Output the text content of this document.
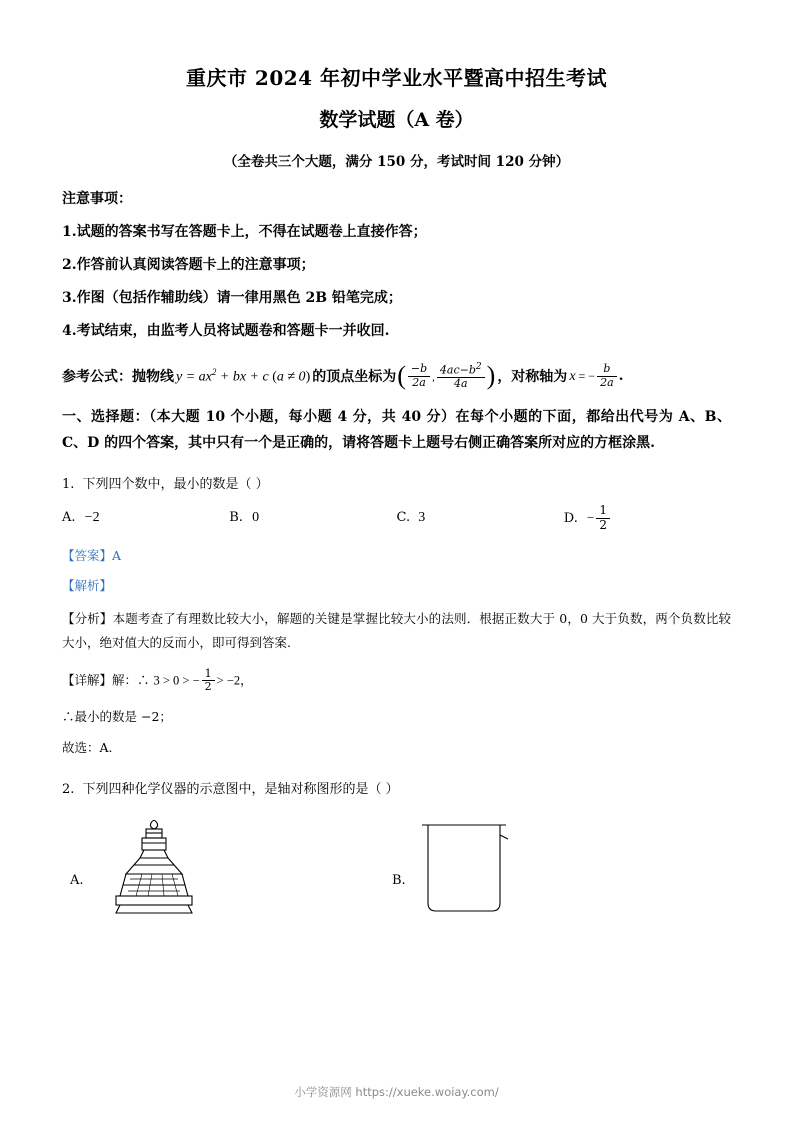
重庆市 2024 年初中学业水平暨高中招生考试
数学试题（A 卷）
（全卷共三个大题，满分 150 分，考试时间 120 分钟）
注意事项：
1.试题的答案书写在答题卡上，不得在试题卷上直接作答；
2.作答前认真阅读答题卡上的注意事项；
3.作图（包括作辅助线）请一律用黑色 2B 铅笔完成；
4.考试结束，由监考人员将试题卷和答题卡一并收回.
参考公式：抛物线 $y = ax^2$ + bx + c (a ≠ 0) 的顶点坐标为 ( $\frac{-b}{2a}$ , $\frac{4ac-b^2}{4a}$ ) ，对称轴为 x = − $\frac{b}{2a}$ .
一、选择题：（本大题 10 个小题，每小题 4 分，共 40 分）在每个小题的下面，都给出代号为 A、B、C、D 的四个答案，其中只有一个是正确的，请将答题卡上题号右侧正确答案所对应的方框涂黑.
1. 下列四个数中，最小的数是（ ）
A. −2	B. 0	C. 3	D. − $\frac{1}{2}$
【答案】A
【解析】
【分析】本题考查了有理数比较大小，解题的关键是掌握比较大小的法则．根据正数大于 0，0 大于负数，两个负数比较大小，绝对值大的反而小，即可得到答案.
【详解】解：∴ 3 > 0 > − $\frac{1}{2} > -2$，
∴最小的数是 −2；
故选：A.
2. 下列四种化学仪器的示意图中，是轴对称图形的是（ ）
A.	B.
小学资源网 https://xueke.woiay.com/
